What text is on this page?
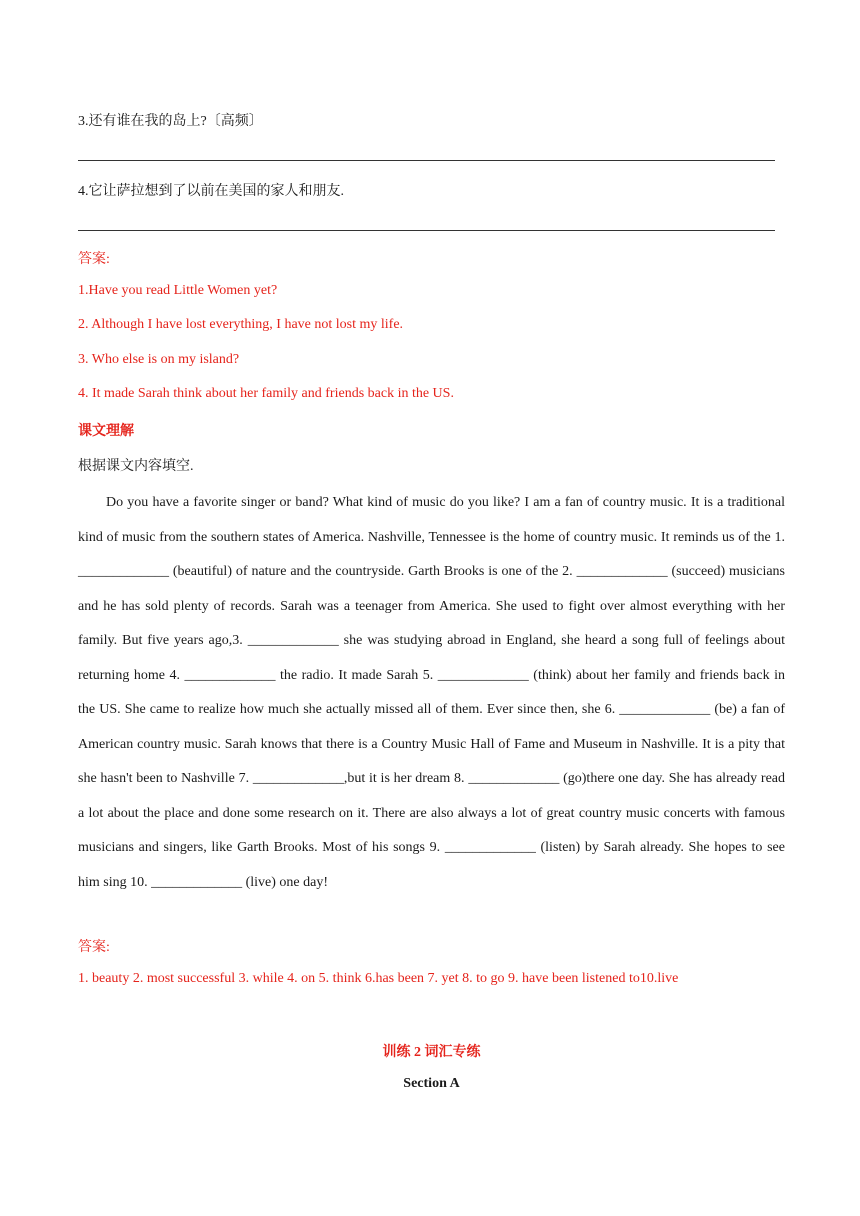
3.还有谁在我的岛上?〔高频〕
4.它让萨拉想到了以前在美国的家人和朋友.
答案:
1.Have you read Little Women yet?
2. Although I have lost everything, I have not lost my life.
3. Who else is on my island?
4. It made Sarah think about her family and friends back in the US.
课文理解
根据课文内容填空.
Do you have a favorite singer or band? What kind of music do you like? I am a fan of country music. It is a traditional kind of music from the southern states of America. Nashville, Tennessee is the home of country music. It reminds us of the 1. _____________ (beautiful) of nature and the countryside. Garth Brooks is one of the 2. _____________ (succeed) musicians and he has sold plenty of records. Sarah was a teenager from America. She used to fight over almost everything with her family. But five years ago,3. _____________ she was studying abroad in England, she heard a song full of feelings about returning home 4. _____________ the radio. It made Sarah 5. _____________ (think) about her family and friends back in the US. She came to realize how much she actually missed all of them. Ever since then, she 6. _____________ (be) a fan of American country music. Sarah knows that there is a Country Music Hall of Fame and Museum in Nashville. It is a pity that she hasn't been to Nashville 7. _____________,but it is her dream 8. _____________ (go)there one day. She has already read a lot about the place and done some research on it. There are also always a lot of great country music concerts with famous musicians and singers, like Garth Brooks. Most of his songs 9. _____________ (listen) by Sarah already. She hopes to see him sing 10. _____________ (live) one day!
答案:
1. beauty 2. most successful 3. while 4. on 5. think 6.has been 7. yet 8. to go 9. have been listened to10.live
训练 2 词汇专练
Section A
